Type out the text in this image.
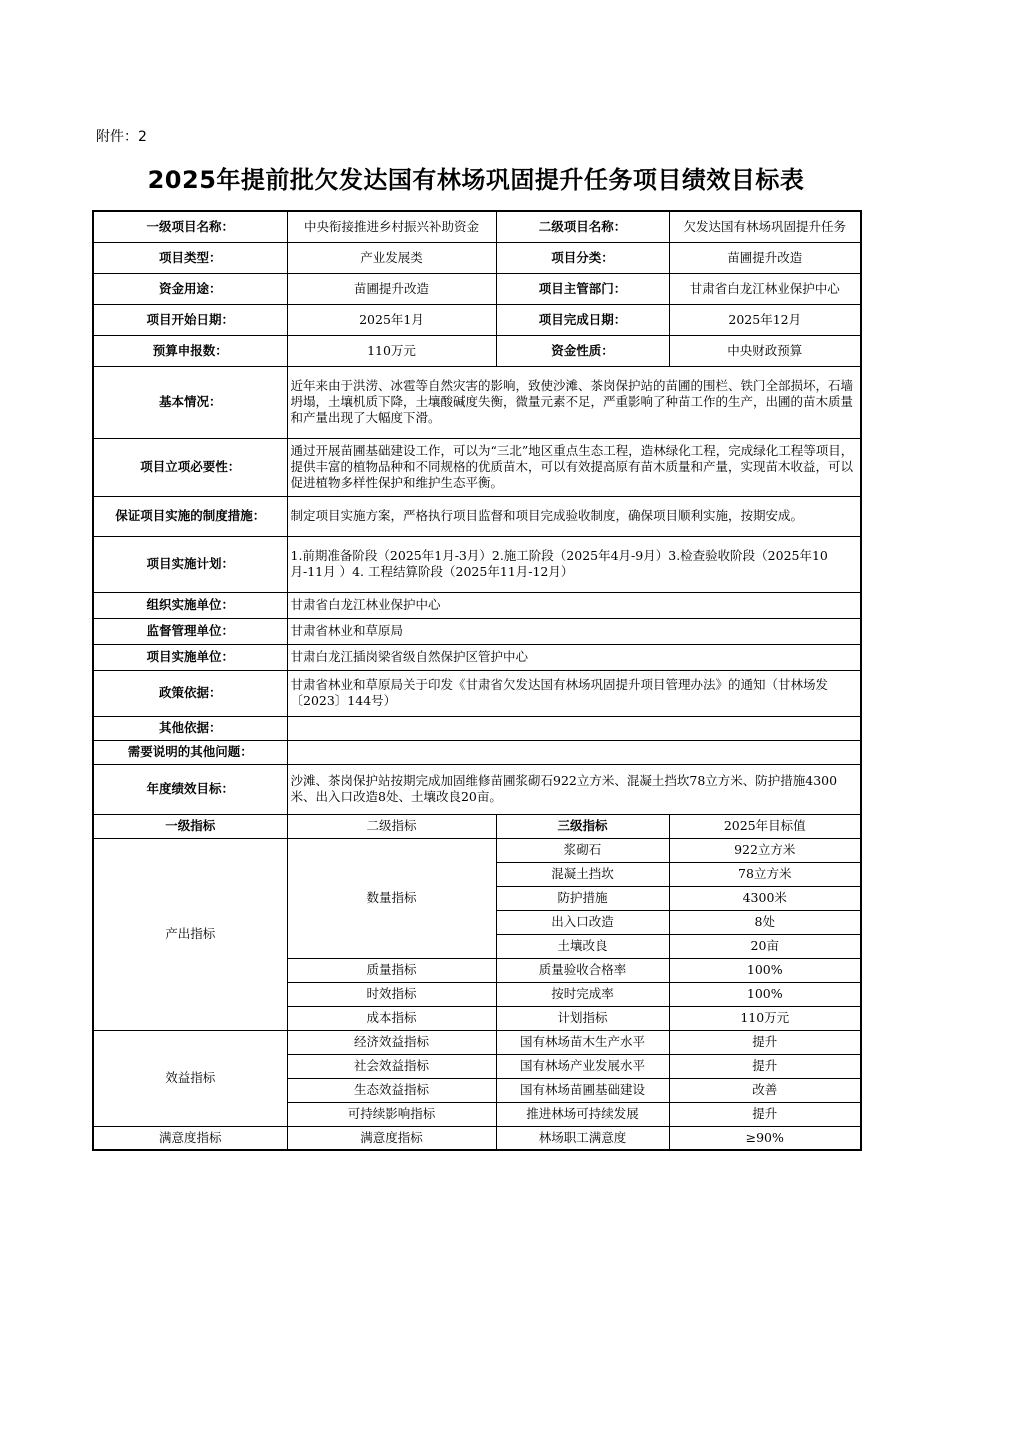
附件：2
2025年提前批欠发达国有林场巩固提升任务项目绩效目标表
一级项目名称：	中央衔接推进乡村振兴补助资金	二级项目名称：	欠发达国有林场巩固提升任务
项目类型：	产业发展类	项目分类：	苗圃提升改造
资金用途：	苗圃提升改造	项目主管部门：	甘肃省白龙江林业保护中心
项目开始日期：	2025年1月	项目完成日期：	2025年12月
预算申报数：	110万元	资金性质：	中央财政预算
基本情况：	近年来由于洪涝、冰雹等自然灾害的影响，致使沙滩、茶岗保护站的苗圃的围栏、铁门全部损坏，石墙坍塌，土壤机质下降，土壤酸碱度失衡，微量元素不足，严重影响了种苗工作的生产，出圃的苗木质量和产量出现了大幅度下滑。		
项目立项必要性：	通过开展苗圃基础建设工作，可以为“三北”地区重点生态工程，造林绿化工程，完成绿化工程等项目，提供丰富的植物品种和不同规格的优质苗木，可以有效提高原有苗木质量和产量，实现苗木收益，可以促进植物多样性保护和维护生态平衡。		
保证项目实施的制度措施：	制定项目实施方案，严格执行项目监督和项目完成验收制度，确保项目顺利实施，按期安成。		
项目实施计划：	1.前期准备阶段（2025年1月-3月）2.施工阶段（2025年4月-9月）3.检查验收阶段（2025年10月-11月 ）4. 工程结算阶段（2025年11月-12月）		
组织实施单位：	甘肃省白龙江林业保护中心		
监督管理单位：	甘肃省林业和草原局		
项目实施单位：	甘肃白龙江插岗梁省级自然保护区管护中心		
政策依据：	甘肃省林业和草原局关于印发《甘肃省欠发达国有林场巩固提升项目管理办法》的通知（甘林场发〔2023〕144号）		
其他依据：			
需要说明的其他问题：			
年度绩效目标：	沙滩、茶岗保护站按期完成加固维修苗圃浆砌石922立方米、混凝土挡坎78立方米、防护措施4300米、出入口改造8处、土壤改良20亩。		
一级指标	二级指标	三级指标	2025年目标值
产出指标	数量指标	浆砌石	922立方米
		混凝土挡坎	78立方米
		防护措施	4300米
		出入口改造	8处
		土壤改良	20亩
	质量指标	质量验收合格率	100%
	时效指标	按时完成率	100%
	成本指标	计划指标	110万元
效益指标	经济效益指标	国有林场苗木生产水平	提升
	社会效益指标	国有林场产业发展水平	提升
	生态效益指标	国有林场苗圃基础建设	改善
	可持续影响指标	推进林场可持续发展	提升
满意度指标	满意度指标	林场职工满意度	≥90%
